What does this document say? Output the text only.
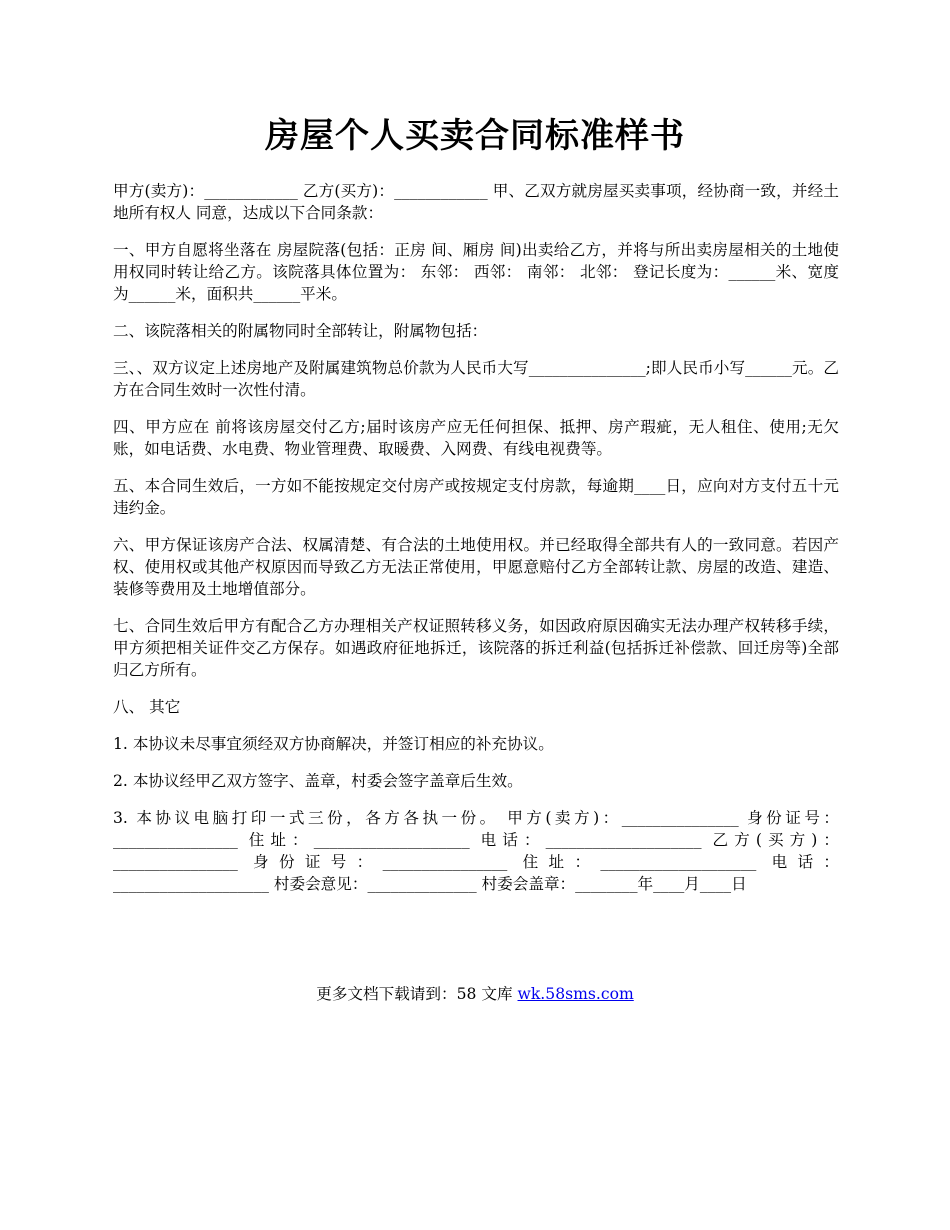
房屋个人买卖合同标准样书

甲方(卖方)：____________ 乙方(买方)：____________ 甲、乙双方就房屋买卖事项，经协商一致，并经土地所有权人 同意，达成以下合同条款：

一、甲方自愿将坐落在 房屋院落(包括：正房 间、厢房 间)出卖给乙方，并将与所出卖房屋相关的土地使用权同时转让给乙方。该院落具体位置为： 东邻： 西邻： 南邻： 北邻： 登记长度为：______米、宽度为______米，面积共______平米。

二、该院落相关的附属物同时全部转让，附属物包括：

三、、双方议定上述房地产及附属建筑物总价款为人民币大写_______________;即人民币小写______元。乙方在合同生效时一次性付清。

四、甲方应在 前将该房屋交付乙方;届时该房产应无任何担保、抵押、房产瑕疵，无人租住、使用;无欠账，如电话费、水电费、物业管理费、取暖费、入网费、有线电视费等。

五、本合同生效后，一方如不能按规定交付房产或按规定支付房款，每逾期____日，应向对方支付五十元违约金。

六、甲方保证该房产合法、权属清楚、有合法的土地使用权。并已经取得全部共有人的一致同意。若因产权、使用权或其他产权原因而导致乙方无法正常使用，甲愿意赔付乙方全部转让款、房屋的改造、建造、装修等费用及土地增值部分。

七、合同生效后甲方有配合乙方办理相关产权证照转移义务，如因政府原因确实无法办理产权转移手续，甲方须把相关证件交乙方保存。如遇政府征地拆迁，该院落的拆迁利益(包括拆迁补偿款、回迁房等)全部归乙方所有。

八、 其它

1. 本协议未尽事宜须经双方协商解决，并签订相应的补充协议。

2. 本协议经甲乙双方签字、盖章，村委会签字盖章后生效。

3. 本协议电脑打印一式三份，各方各执一份。 甲方(卖方)：_______________ 身份证号：________________ 住址：____________________ 电话：____________________ 乙方(买方)：________________ 身份证号：________________ 住址：____________________ 电话：____________________ 村委会意见：______________ 村委会盖章：________年____月____日

更多文档下载请到：58 文库 wk.58sms.com
